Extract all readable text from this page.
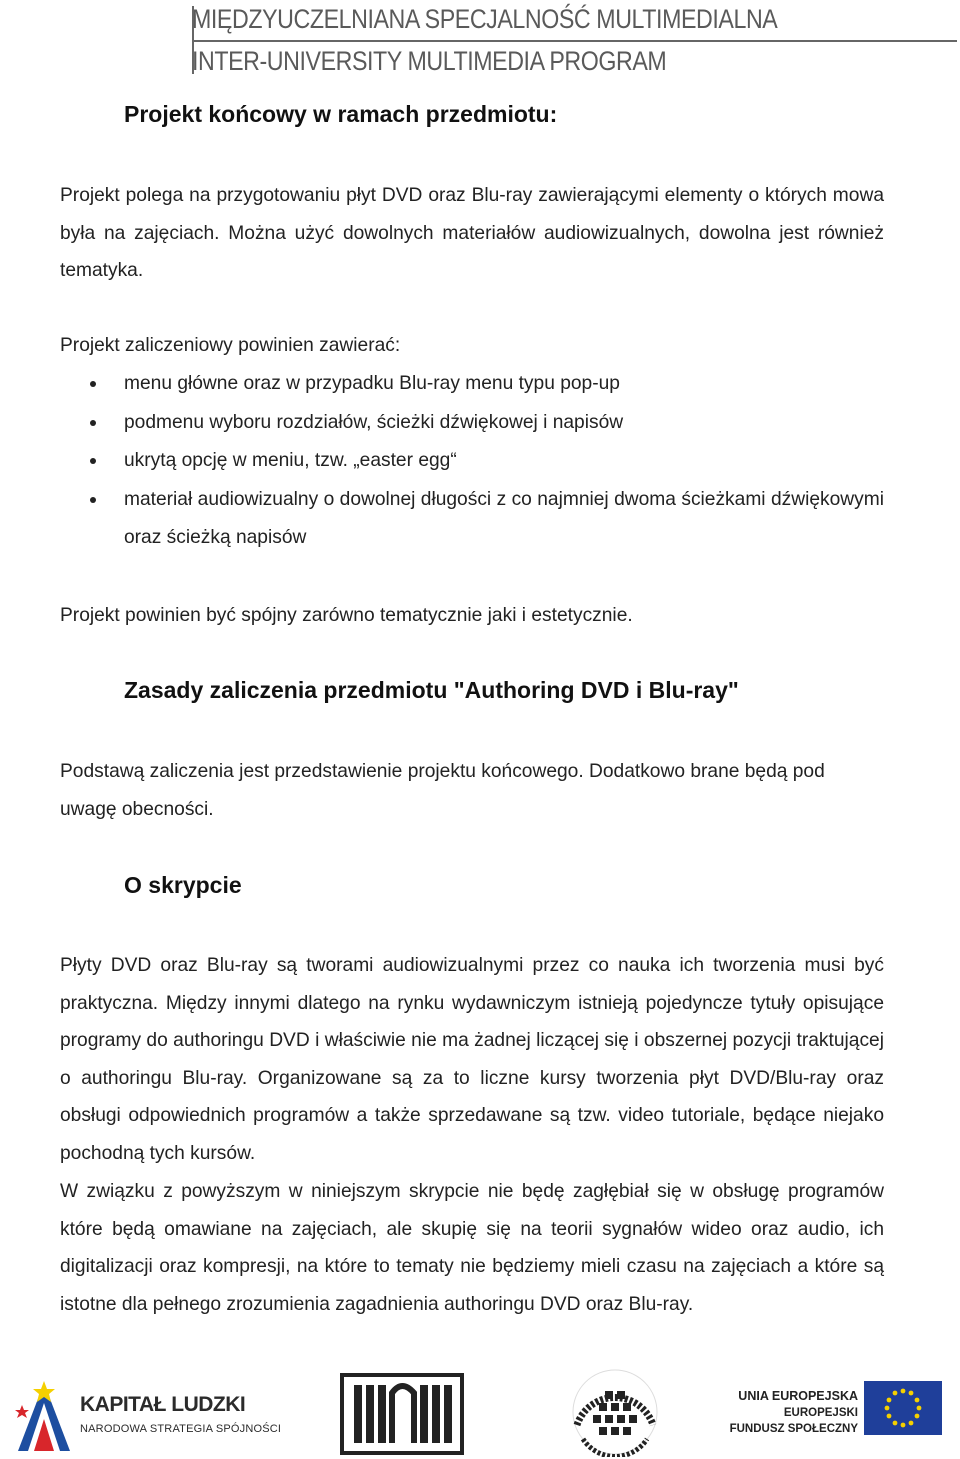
MIĘDZYUCZELNIANA SPECJALNOŚĆ MULTIMEDIALNA
INTER-UNIVERSITY MULTIMEDIA PROGRAM
Projekt końcowy w ramach przedmiotu:

Projekt polega na przygotowaniu płyt DVD oraz Blu-ray zawierającymi elementy o których mowa była na zajęciach. Można użyć dowolnych materiałów audiowizualnych, dowolna jest również tematyka.

Projekt zaliczeniowy powinien zawierać:

menu główne oraz w przypadku Blu-ray menu typu pop-up
podmenu wyboru rozdziałów, ścieżki dźwiękowej i napisów
ukrytą opcję w meniu, tzw. „easter egg“
materiał audiowizualny o dowolnej długości z co najmniej dwoma ścieżkami dźwiękowymi oraz ścieżką napisów

Projekt powinien być spójny zarówno tematycznie jaki i estetycznie.

Zasady zaliczenia przedmiotu "Authoring DVD i Blu-ray"

Podstawą zaliczenia jest przedstawienie projektu końcowego. Dodatkowo brane będą pod uwagę obecności.

O skrypcie

Płyty DVD oraz Blu-ray są tworami audiowizualnymi przez co nauka ich tworzenia musi być praktyczna. Między innymi dlatego na rynku wydawniczym istnieją pojedyncze tytuły opisujące programy do authoringu DVD i właściwie nie ma żadnej liczącej się i obszernej pozycji traktującej o authoringu Blu-ray. Organizowane są za to liczne kursy tworzenia płyt DVD/Blu-ray oraz obsługi odpowiednich programów a także sprzedawane są tzw. video tutoriale, będące niejako pochodną tych kursów.

W związku z powyższym w niniejszym skrypcie nie będę zagłębiał się w obsługę programów które będą omawiane na zajęciach, ale skupię się na teorii sygnałów wideo oraz audio, ich digitalizacji oraz kompresji, na które to tematy nie będziemy mieli czasu na zajęciach a które są istotne dla pełnego zrozumienia zagadnienia authoringu DVD oraz Blu-ray.

KAPITAŁ LUDZKI
NARODOWA STRATEGIA SPÓJNOŚCI
UNIA EUROPEJSKA
EUROPEJSKI
FUNDUSZ SPOŁECZNY
